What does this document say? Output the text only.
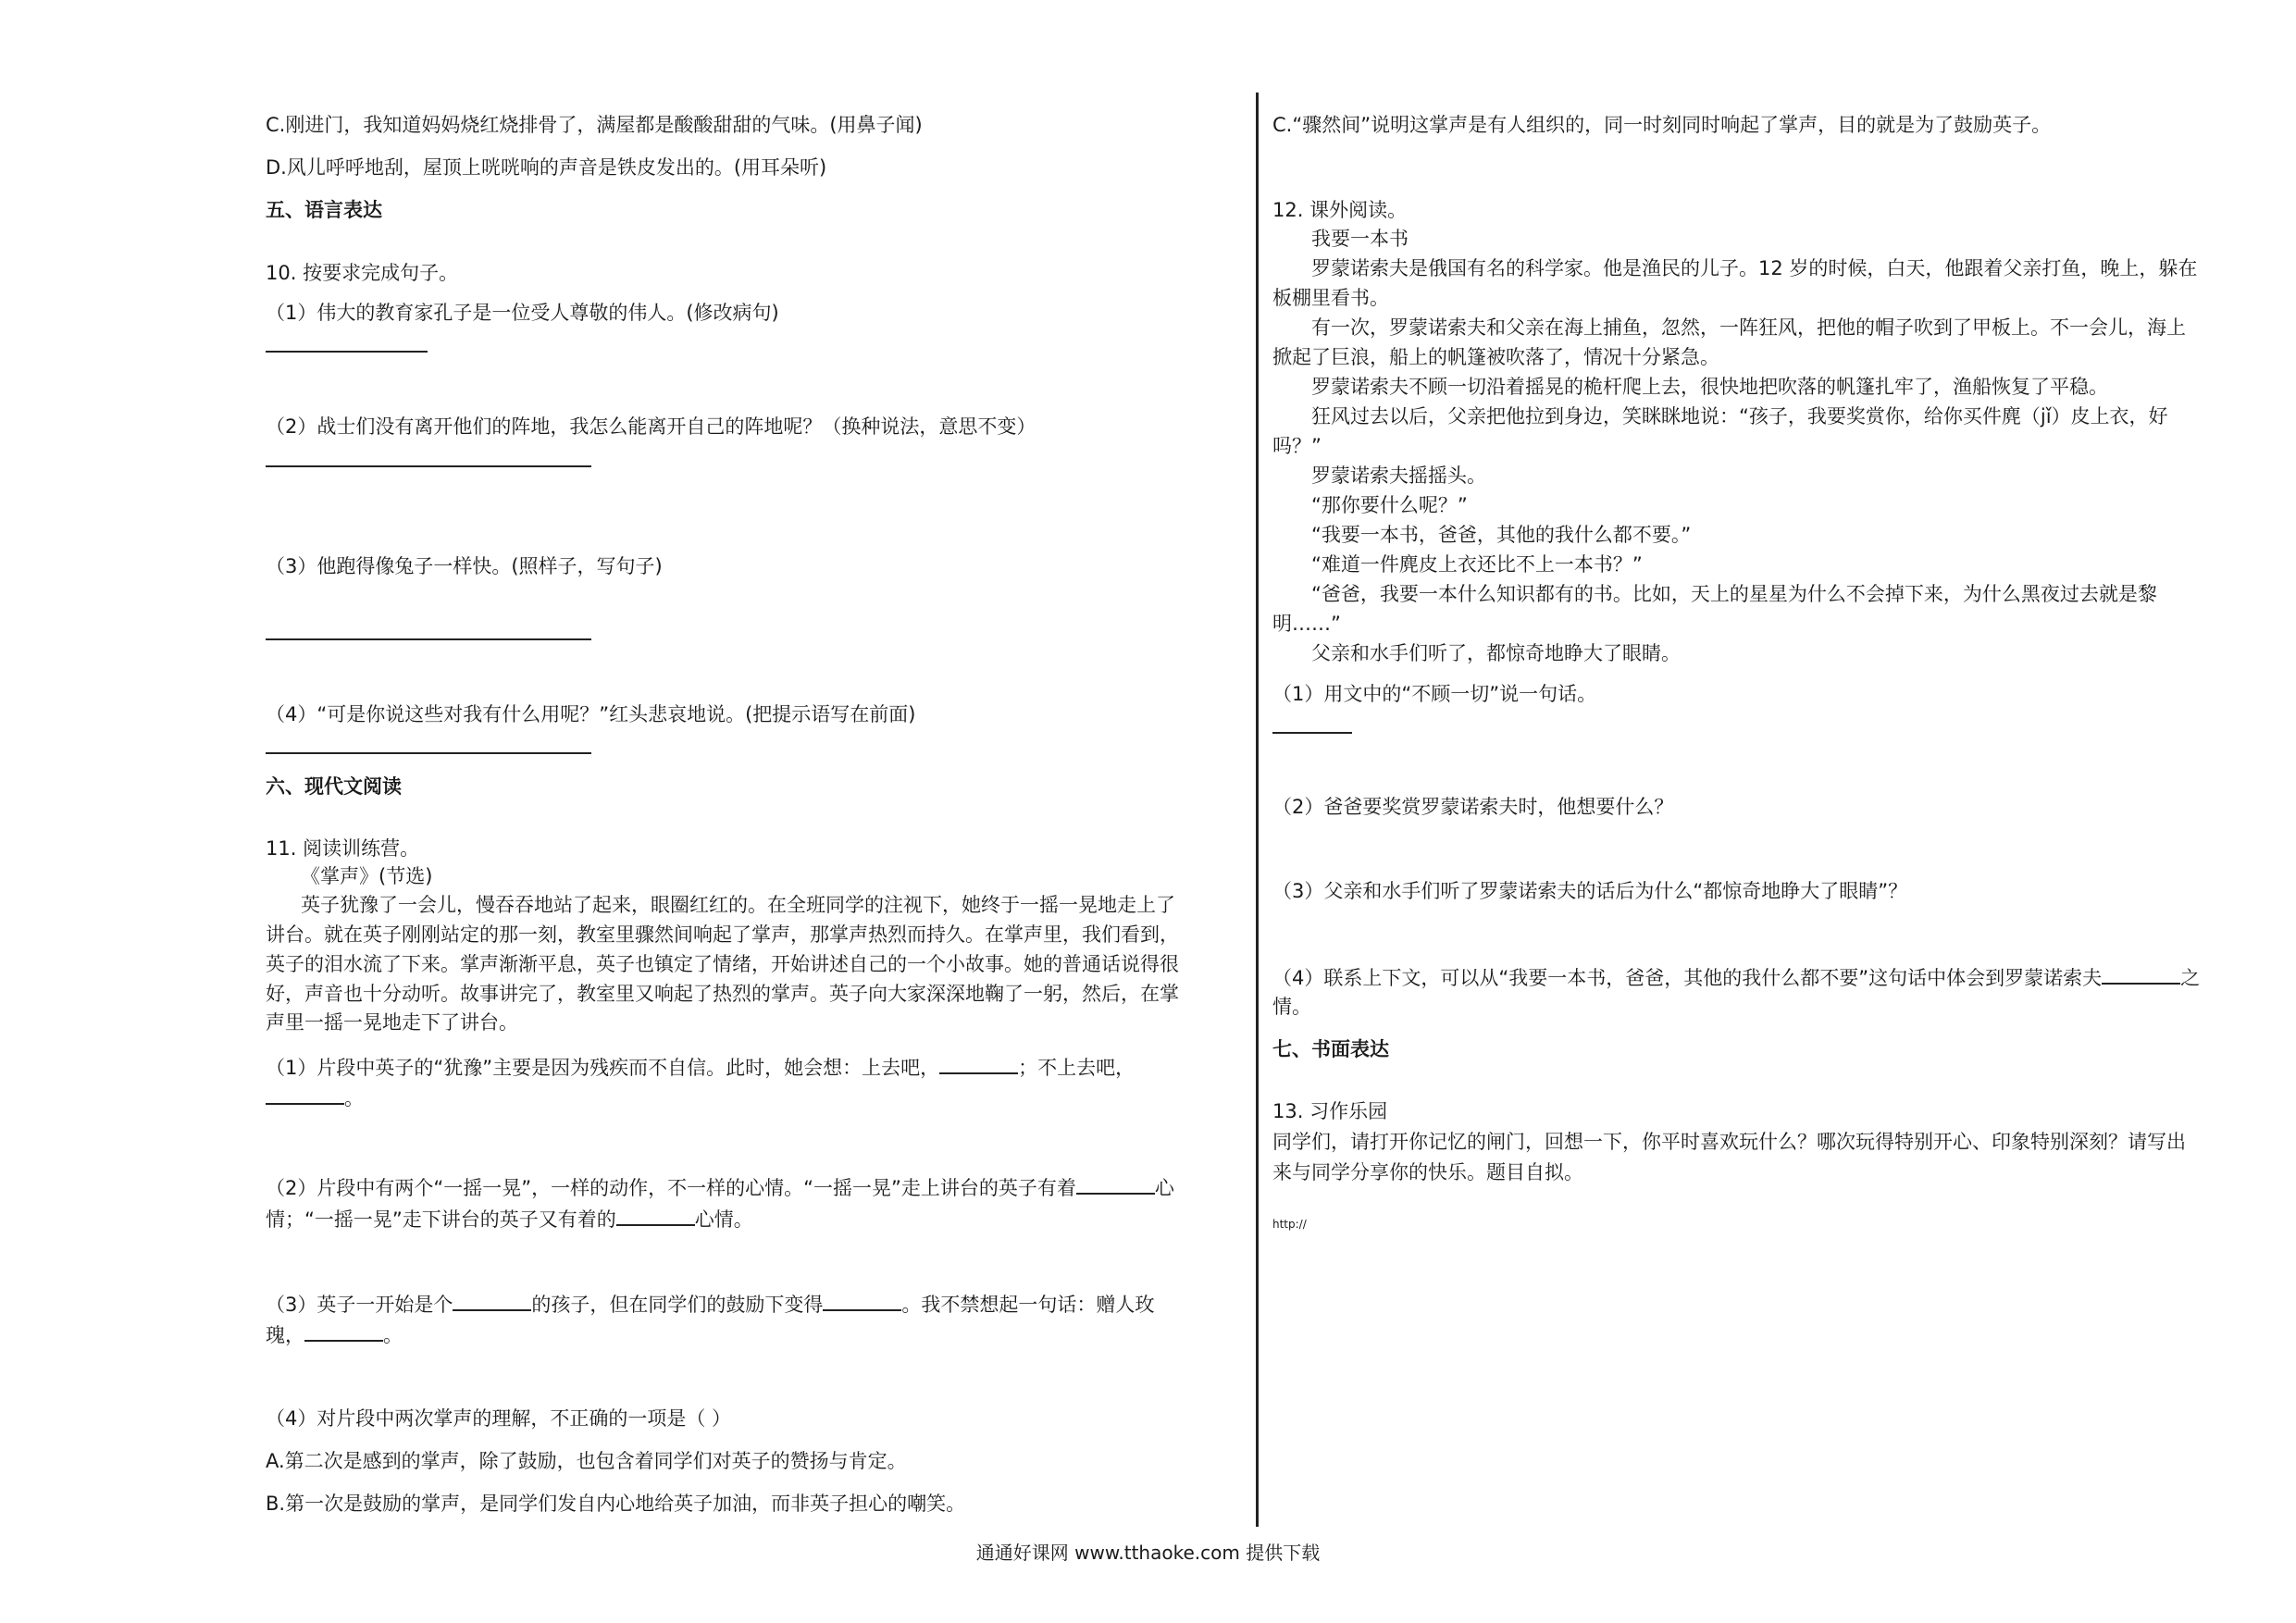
C.刚进门，我知道妈妈烧红烧排骨了，满屋都是酸酸甜甜的气味。(用鼻子闻)
D.风儿呼呼地刮，屋顶上咣咣响的声音是铁皮发出的。(用耳朵听)
五、语言表达
10. 按要求完成句子。
（1）伟大的教育家孔子是一位受人尊敬的伟人。(修改病句)
（2）战士们没有离开他们的阵地，我怎么能离开自己的阵地呢？（换种说法，意思不变）
（3）他跑得像兔子一样快。(照样子，写句子)
（4）“可是你说这些对我有什么用呢？”红头悲哀地说。(把提示语写在前面)
六、现代文阅读
11. 阅读训练营。
《掌声》(节选)
英子犹豫了一会儿，慢吞吞地站了起来，眼圈红红的。在全班同学的注视下，她终于一摇一晃地走上了
讲台。就在英子刚刚站定的那一刻，教室里骤然间响起了掌声，那掌声热烈而持久。在掌声里，我们看到，
英子的泪水流了下来。掌声渐渐平息，英子也镇定了情绪，开始讲述自己的一个小故事。她的普通话说得很
好，声音也十分动听。故事讲完了，教室里又响起了热烈的掌声。英子向大家深深地鞠了一躬，然后，在掌
声里一摇一晃地走下了讲台。
（1）片段中英子的“犹豫”主要是因为残疾而不自信。此时，她会想：上去吧，	；不上去吧，
。
（2）片段中有两个“一摇一晃”，一样的动作，不一样的心情。“一摇一晃”走上讲台的英子有着	心
情；“一摇一晃”走下讲台的英子又有着的	心情。
（3）英子一开始是个	的孩子，但在同学们的鼓励下变得	。我不禁想起一句话：赠人玫
瑰，	。
（4）对片段中两次掌声的理解，不正确的一项是（ ）
A.第二次是感到的掌声，除了鼓励，也包含着同学们对英子的赞扬与肯定。
B.第一次是鼓励的掌声，是同学们发自内心地给英子加油，而非英子担心的嘲笑。
C.“骤然间”说明这掌声是有人组织的，同一时刻同时响起了掌声，目的就是为了鼓励英子。
12. 课外阅读。
我要一本书
罗蒙诺索夫是俄国有名的科学家。他是渔民的儿子。12 岁的时候，白天，他跟着父亲打鱼，晚上，躲在
板棚里看书。
有一次，罗蒙诺索夫和父亲在海上捕鱼，忽然，一阵狂风，把他的帽子吹到了甲板上。不一会儿，海上
掀起了巨浪，船上的帆篷被吹落了，情况十分紧急。
罗蒙诺索夫不顾一切沿着摇晃的桅杆爬上去，很快地把吹落的帆篷扎牢了，渔船恢复了平稳。
狂风过去以后，父亲把他拉到身边，笑眯眯地说：“孩子，我要奖赏你，给你买件麂（jǐ）皮上衣，好
吗？”
罗蒙诺索夫摇摇头。
“那你要什么呢？”
“我要一本书，爸爸，其他的我什么都不要。”
“难道一件麂皮上衣还比不上一本书？”
“爸爸，我要一本什么知识都有的书。比如，天上的星星为什么不会掉下来，为什么黑夜过去就是黎
明……”
父亲和水手们听了，都惊奇地睁大了眼睛。
（1）用文中的“不顾一切”说一句话。
（2）爸爸要奖赏罗蒙诺索夫时，他想要什么？
（3）父亲和水手们听了罗蒙诺索夫的话后为什么“都惊奇地睁大了眼睛”？
（4）联系上下文，可以从“我要一本书，爸爸，其他的我什么都不要”这句话中体会到罗蒙诺索夫	之
情。
七、书面表达
13. 习作乐园
同学们，请打开你记忆的闸门，回想一下，你平时喜欢玩什么？哪次玩得特别开心、印象特别深刻？请写出
来与同学分享你的快乐。题目自拟。
http://
通通好课网 www.tthaoke.com 提供下载
